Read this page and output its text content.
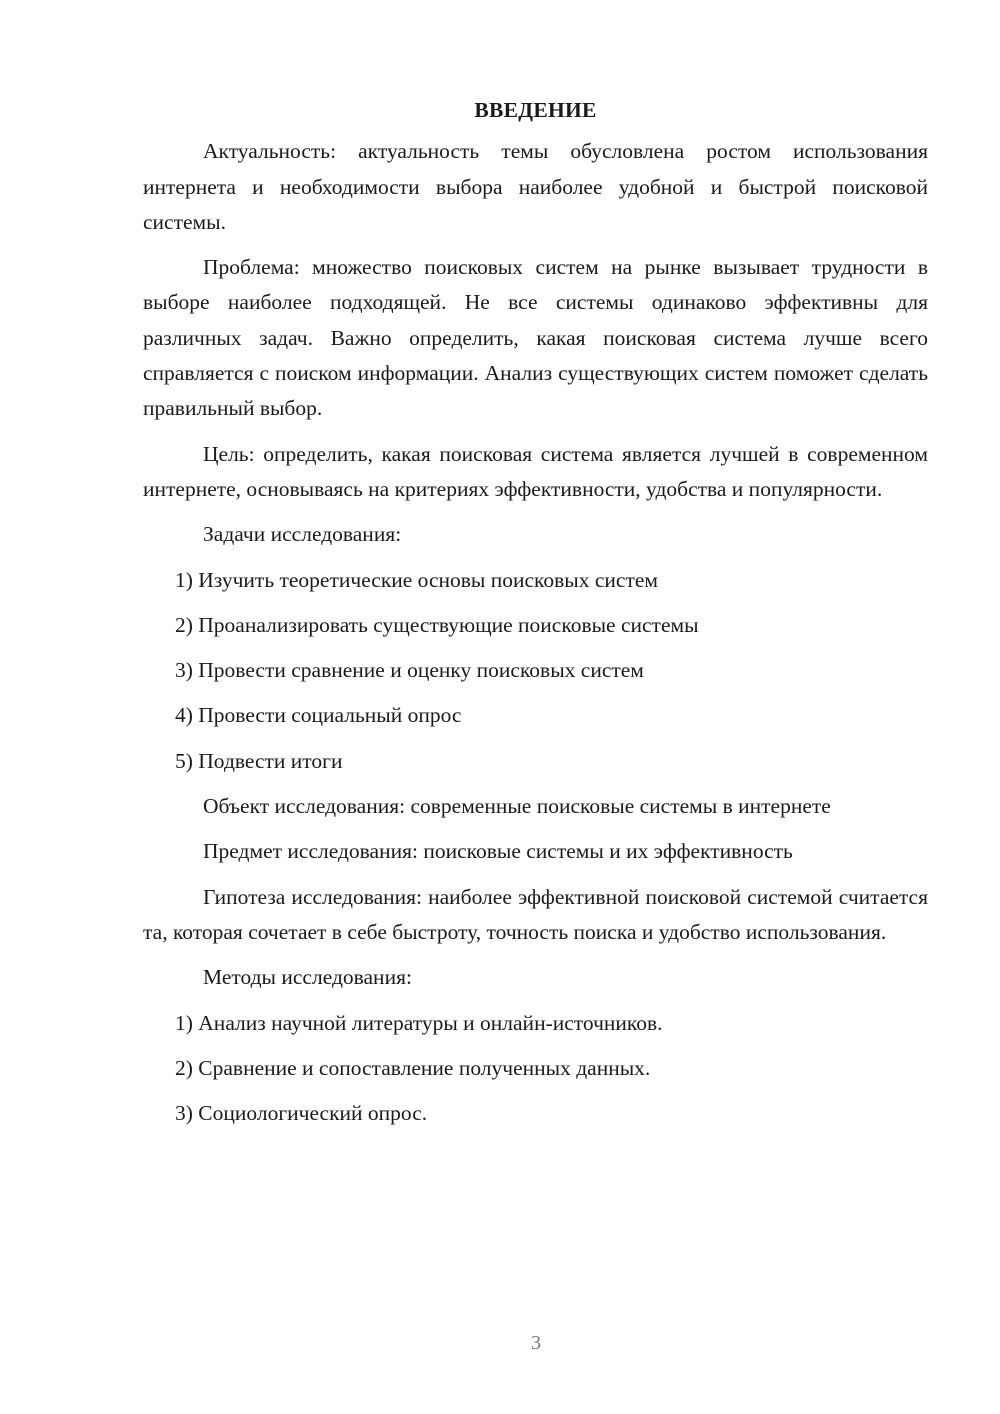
ВВЕДЕНИЕ

Актуальность: актуальность темы обусловлена ростом использования интернета и необходимости выбора наиболее удобной и быстрой поисковой системы.

Проблема: множество поисковых систем на рынке вызывает трудности в выборе наиболее подходящей. Не все системы одинаково эффективны для различных задач. Важно определить, какая поисковая система лучше всего справляется с поиском информации. Анализ существующих систем поможет сделать правильный выбор.

Цель: определить, какая поисковая система является лучшей в современном интернете, основываясь на критериях эффективности, удобства и популярности.

Задачи исследования:
1) Изучить теоретические основы поисковых систем
2) Проанализировать существующие поисковые системы
3) Провести сравнение и оценку поисковых систем
4) Провести социальный опрос
5) Подвести итоги
Объект исследования: современные поисковые системы в интернете
Предмет исследования: поисковые системы и их эффективность

Гипотеза исследования: наиболее эффективной поисковой системой считается та, которая сочетает в себе быстроту, точность поиска и удобство использования.

Методы исследования:
1) Анализ научной литературы и онлайн-источников.
2) Сравнение и сопоставление полученных данных.
3) Социологический опрос.
3
